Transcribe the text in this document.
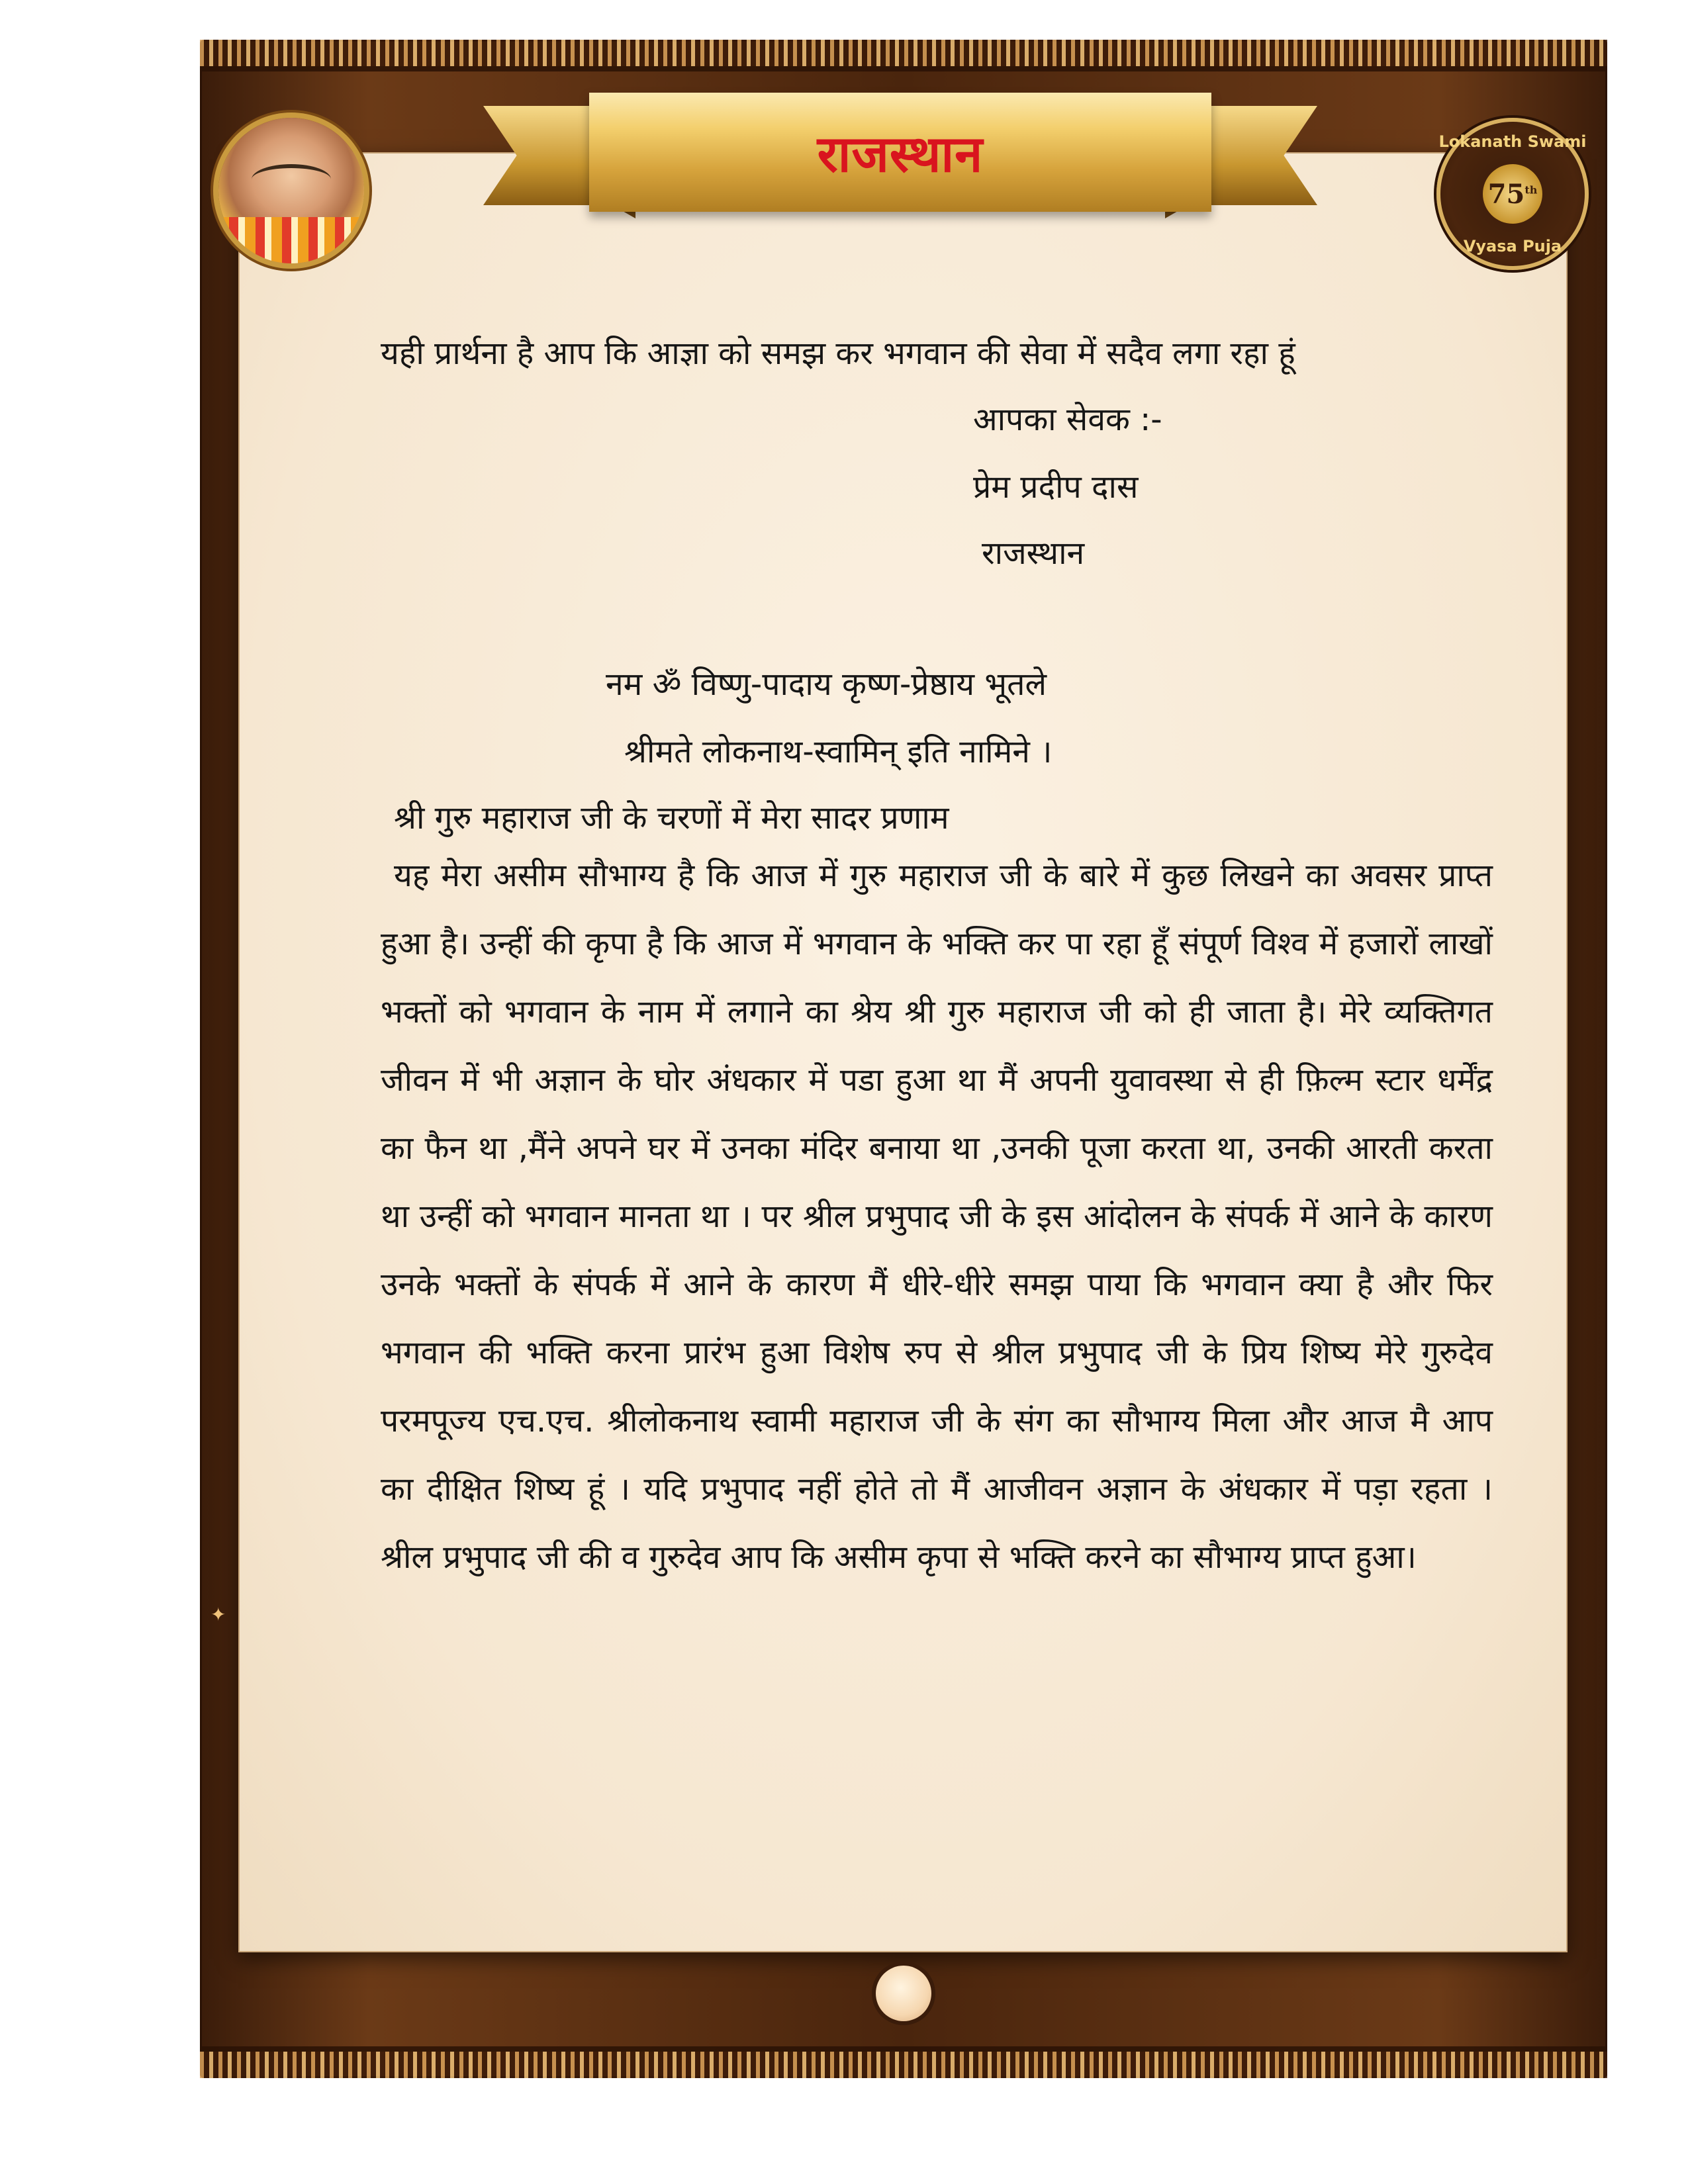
राजस्थान	Lokanath Swami
75th
Vyasa Puja
यही प्रार्थना है आप कि आज्ञा को समझ कर भगवान की सेवा में सदैव लगा रहा हूं
आपका सेवक :-
प्रेम प्रदीप दास
राजस्थान
नम ॐ विष्णु-पादाय कृष्ण-प्रेष्ठाय भूतले
श्रीमते लोकनाथ-स्वामिन् इति नामिने ।
श्री गुरु महाराज जी के चरणों में मेरा सादर प्रणाम
यह मेरा असीम सौभाग्य है कि आज में गुरु महाराज जी के बारे में कुछ लिखने का अवसर प्राप्त हुआ है। उन्हीं की कृपा है कि आज में भगवान के भक्ति कर पा रहा हूँ संपूर्ण विश्व में हजारों लाखों भक्तों को भगवान के नाम में लगाने का श्रेय श्री गुरु महाराज जी को ही जाता है। मेरे व्यक्तिगत जीवन में भी अज्ञान के घोर अंधकार में पडा हुआ था मैं अपनी युवावस्था से ही फ़िल्म स्टार धर्मेंद्र का फैन था ,मैंने अपने घर में उनका मंदिर बनाया था ,उनकी पूजा करता था, उनकी आरती करता था उन्हीं को भगवान मानता था । पर श्रील प्रभुपाद जी के इस आंदोलन के संपर्क में आने के कारण उनके भक्तों के संपर्क में आने के कारण मैं धीरे-धीरे समझ पाया कि भगवान क्या है और फिर भगवान की भक्ति करना प्रारंभ हुआ विशेष रुप से श्रील प्रभुपाद जी के प्रिय शिष्य मेरे गुरुदेव परमपूज्य एच.एच. श्रीलोकनाथ स्वामी महाराज जी के संग का सौभाग्य मिला और आज मै आप का दीक्षित शिष्य हूं । यदि प्रभुपाद नहीं होते तो मैं आजीवन अज्ञान के अंधकार में पड़ा रहता । श्रील प्रभुपाद जी की व गुरुदेव आप कि असीम कृपा से भक्ति करने का सौभाग्य प्राप्त हुआ।
✦
